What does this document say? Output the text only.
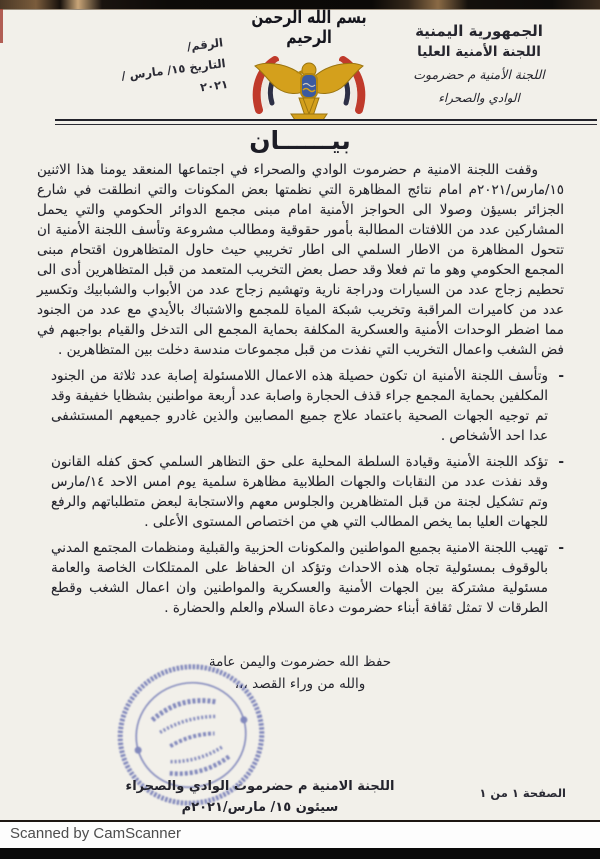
الجمهورية اليمنية
اللجنة الأمنية العليا
اللجنة الأمنية م حضرموت
الوادي والصحراء
الرقم/
التاريخ ١٥/ مارس / ٢٠٢١
بسم الله الرحمن الرحيم
بيــــــان

وقفت اللجنة الامنية م حضرموت الوادي والصحراء في اجتماعها المنعقد يومنا هذا الاثنين ١٥/مارس/٢٠٢١م امام نتائج المظاهرة التي نظمتها بعض المكونات والتي انطلقت في شارع الجزائر بسيؤن وصولا الى الحواجز الأمنية امام مبنى مجمع الدوائر الحكومي والتي يحمل المشاركين عدد من اللافتات المطالبة بأمور حقوقية ومطالب مشروعة وتأسف اللجنة الأمنية ان تتحول المظاهرة من الاطار السلمي الى اطار تخريبي حيث حاول المتظاهرون اقتحام مبنى المجمع الحكومي وهو ما تم فعلا وقد حصل بعض التخريب المتعمد من قبل المتظاهرين أدى الى تحطيم زجاج عدد من السيارات ودراجة نارية وتهشيم زجاج عدد من الأبواب والشبابيك وتكسير عدد من كاميرات المراقبة وتخريب شبكة المياة للمجمع والاشتباك بالأيدي مع عدد من الجنود مما اضطر الوحدات الأمنية والعسكرية المكلفة بحماية المجمع الى التدخل والقيام بواجبهم في فض الشغب واعمال التخريب التي نفذت من قبل مجموعات مندسة دخلت بين المتظاهرين .

-

وتأسف اللجنة الأمنية ان تكون حصيلة هذه الاعمال اللامسئولة إصابة عدد ثلاثة من الجنود المكلفين بحماية المجمع جراء قذف الحجارة واصابة عدد أربعة مواطنين بشظايا خفيفة وقد تم توجيه الجهات الصحية باعتماد علاج جميع المصابين والذين غادرو جميعهم المستشفى عدا احد الأشخاص .

-

تؤكد اللجنة الأمنية وقيادة السلطة المحلية على حق التظاهر السلمي كحق كفله القانون وقد نفذت عدد من النقابات والجهات الطلابية مظاهرة سلمية يوم امس الاحد ١٤/مارس وتم تشكيل لجنة من قبل المتظاهرين والجلوس معهم والاستجابة لبعض متطلباتهم والرفع للجهات العليا بما يخص المطالب التي هي من اختصاص المستوى الأعلى .

-

تهيب اللجنة الامنية بجميع المواطنين والمكونات الحزبية والقبلية ومنظمات المجتمع المدني بالوقوف بمسئولية تجاه هذه الاحداث وتؤكد ان الحفاظ على الممتلكات الخاصة والعامة مسئولية مشتركة بين الجهات الأمنية والعسكرية والمواطنين وان اعمال الشغب وقطع الطرقات لا تمثل ثقافة أبناء حضرموت دعاة السلام والعلم والحضارة .

حفظ الله حضرموت واليمن عامة
والله من وراء القصد ،،،
اللجنة الامنية م حضرموت الوادي والصحراء
سيئون ١٥/ مارس/٢٠٢١م
الصفحة ١ من ١
Scanned by CamScanner
